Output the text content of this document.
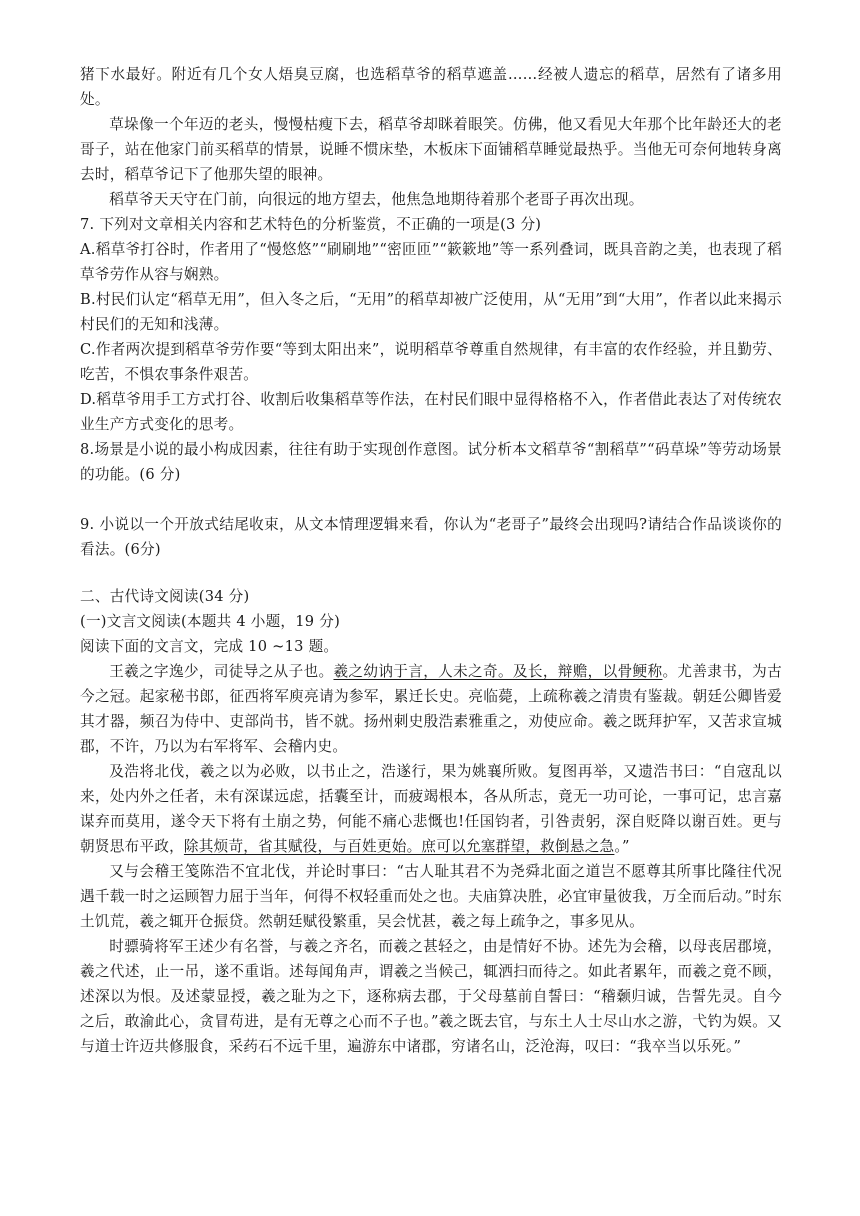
猪下水最好。附近有几个女人焐臭豆腐，也选稻草爷的稻草遮盖……经被人遗忘的稻草，居然有了诸多用处。

草垛像一个年迈的老头，慢慢枯瘦下去，稻草爷却眯着眼笑。仿佛，他又看见大年那个比年龄还大的老哥子，站在他家门前买稻草的情景，说睡不惯床垫，木板床下面铺稻草睡觉最热乎。当他无可奈何地转身离去时，稻草爷记下了他那失望的眼神。

稻草爷天天守在门前，向很远的地方望去，他焦急地期待着那个老哥子再次出现。

7. 下列对文章相关内容和艺术特色的分析鉴赏，不正确的一项是(3 分)

A.稻草爷打谷时，作者用了“慢悠悠”“刷刷地”“密匝匝”“簌簌地”等一系列叠词，既具音韵之美，也表现了稻草爷劳作从容与娴熟。

B.村民们认定“稻草无用”，但入冬之后，“无用”的稻草却被广泛使用，从“无用”到“大用”，作者以此来揭示村民们的无知和浅薄。

C.作者两次提到稻草爷劳作要“等到太阳出来”，说明稻草爷尊重自然规律，有丰富的农作经验，并且勤劳、吃苦，不惧农事条件艰苦。

D.稻草爷用手工方式打谷、收割后收集稻草等作法，在村民们眼中显得格格不入，作者借此表达了对传统农业生产方式变化的思考。

8.场景是小说的最小构成因素，往往有助于实现创作意图。试分析本文稻草爷“割稻草”“码草垛”等劳动场景的功能。(6 分)

9. 小说以一个开放式结尾收束，从文本情理逻辑来看，你认为“老哥子”最终会出现吗?请结合作品谈谈你的看法。(6分)

二、古代诗文阅读(34 分)

(一)文言文阅读(本题共 4 小题，19 分)

阅读下面的文言文，完成 10 ~13 题。

王羲之字逸少，司徒导之从子也。羲之幼讷于言，人未之奇。及长，辩赡，以骨鲠称。尤善隶书，为古今之冠。起家秘书郎，征西将军庾亮请为参军，累迁长史。亮临薨，上疏称羲之清贵有鉴裁。朝廷公卿皆爱其才器，频召为侍中、吏部尚书，皆不就。扬州刺史殷浩素雅重之，劝使应命。羲之既拜护军，又苦求宣城郡，不许，乃以为右军将军、会稽内史。

及浩将北伐，羲之以为必败，以书止之，浩遂行，果为姚襄所败。复图再举，又遗浩书曰：“自寇乱以来，处内外之任者，未有深谋远虑，括囊至计，而疲竭根本，各从所志，竟无一功可论，一事可记，忠言嘉谋弃而莫用，遂令天下将有土崩之势，何能不痛心悲慨也!任国钧者，引咎责躬，深自贬降以谢百姓。更与朝贤思布平政，除其烦苛，省其赋役，与百姓更始。庶可以允塞群望，救倒悬之急。”

又与会稽王笺陈浩不宜北伐，并论时事曰：“古人耻其君不为尧舜北面之道岂不愿尊其所事比隆往代况遇千载一时之运顾智力屈于当年，何得不权轻重而处之也。夫庙算决胜，必宜审量彼我，万全而后动。”时东土饥荒，羲之辄开仓振贷。然朝廷赋役繁重，吴会忧甚，羲之每上疏争之，事多见从。

时骠骑将军王述少有名誉，与羲之齐名，而羲之甚轻之，由是情好不协。述先为会稽，以母丧居郡境，羲之代述，止一吊，遂不重诣。述每闻角声，谓羲之当候己，辄洒扫而待之。如此者累年，而羲之竟不顾，述深以为恨。及述蒙显授，羲之耻为之下，逐称病去郡，于父母墓前自誓曰：“稽颡归诚，告誓先灵。自今之后，敢渝此心，贪冒苟进，是有无尊之心而不子也。”羲之既去官，与东土人士尽山水之游，弋钓为娱。又与道士许迈共修服食，采药石不远千里，遍游东中诸郡，穷诸名山，泛沧海，叹曰：“我卒当以乐死。”
